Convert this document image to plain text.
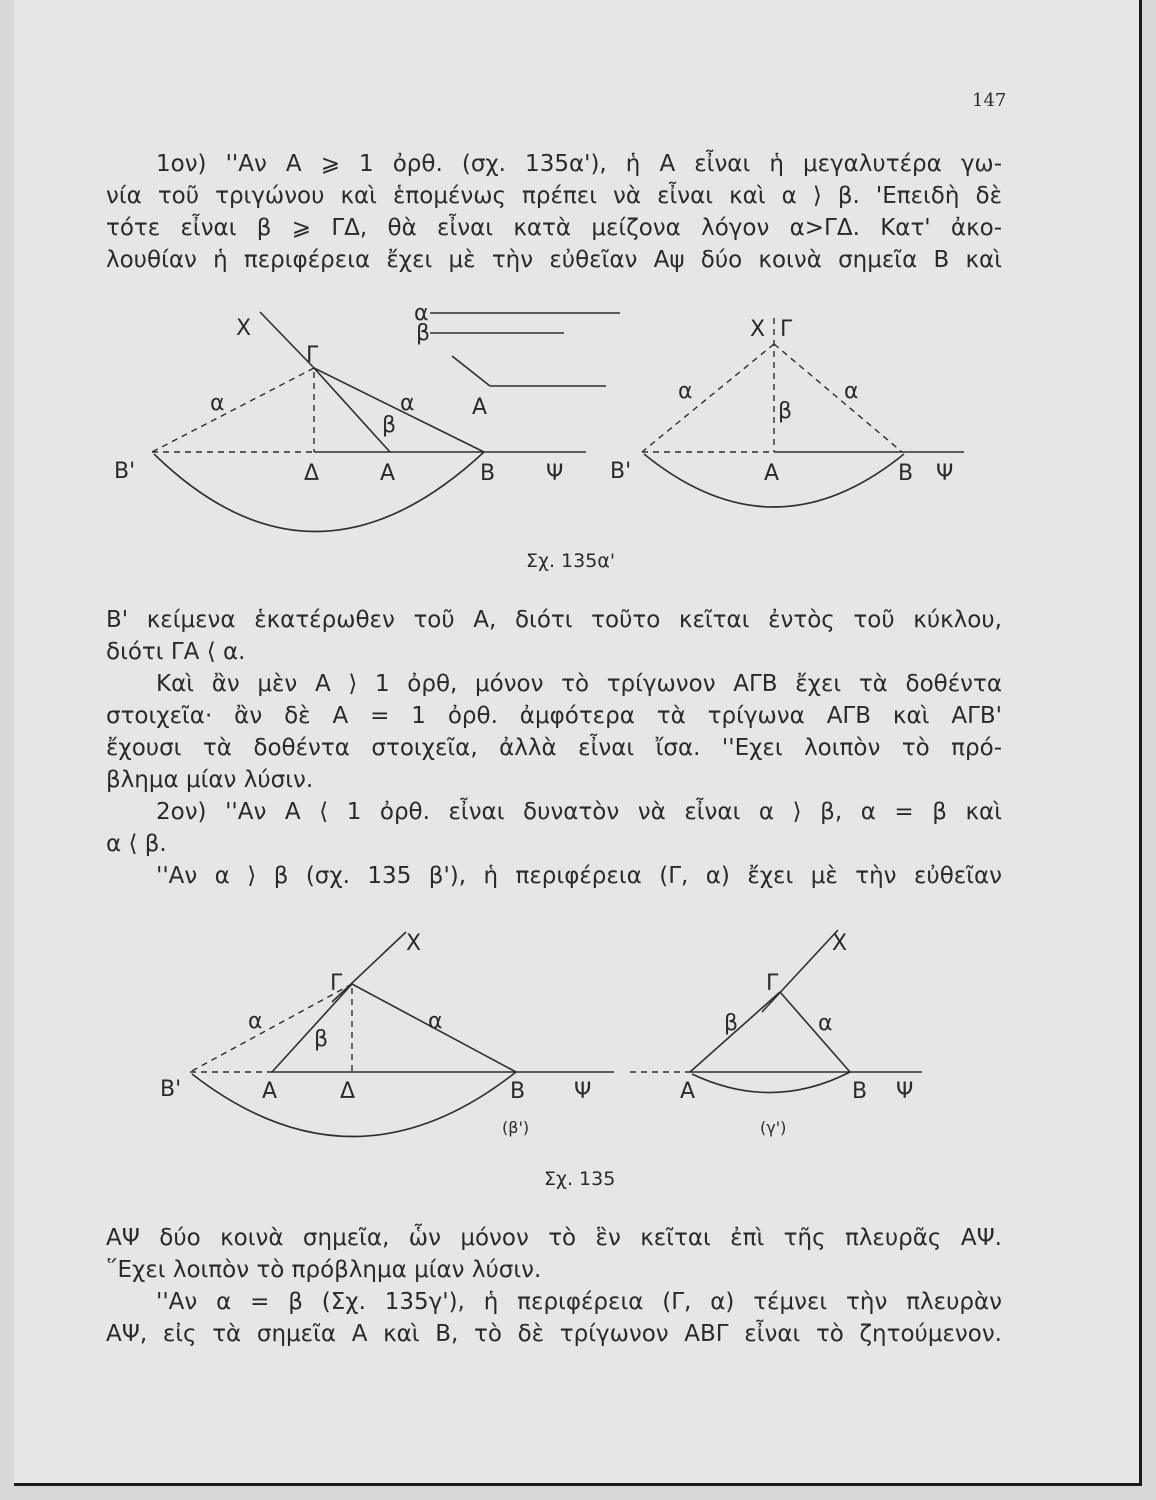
147
1ον) ''Αν Α ⩾ 1 ὀρθ. (σχ. 135α'), ἡ Α εἶναι ἡ μεγαλυτέρα γω-
νία τοῦ τριγώνου καὶ ἑπομένως πρέπει νὰ εἶναι καὶ α ⟩ β. 'Επειδὴ δὲ
τότε εἶναι β ⩾ ΓΔ, θὰ εἶναι κατὰ μείζονα λόγον α>ΓΔ. Κατ' ἀκο-
λουθίαν ἡ περιφέρεια ἔχει μὲ τὴν εὐθεῖαν Αψ δύο κοινὰ σημεῖα Β καὶ
X
Γ
α	α
β
B'	Δ	A	B Ψ
α
β
A
X Γ
α	α
β
B'	A	B Ψ
Σχ. 135α'
Β' κείμενα ἑκατέρωθεν τοῦ Α, διότι τοῦτο κεῖται ἐντὸς τοῦ κύκλου,
διότι ΓΑ ⟨ α.
Καὶ ἂν μὲν Α ⟩ 1 ὀρθ, μόνον τὸ τρίγωνον ΑΓΒ ἔχει τὰ δοθέντα
στοιχεῖα· ἂν δὲ Α = 1 ὀρθ. ἀμφότερα τὰ τρίγωνα ΑΓΒ καὶ ΑΓΒ'
ἔχουσι τὰ δοθέντα στοιχεῖα, ἀλλὰ εἶναι ἴσα. ''Εχει λοιπὸν τὸ πρό-
βλημα μίαν λύσιν.
2ον) ''Αν Α ⟨ 1 ὀρθ. εἶναι δυνατὸν νὰ εἶναι α ⟩ β, α = β καὶ
α ⟨ β.
''Αν α ⟩ β (σχ. 135 β'), ἡ περιφέρεια (Γ, α) ἔχει μὲ τὴν εὐθεῖαν
X
Γ
α	α
β
B'	A	Δ	B Ψ
X
Γ
β	α
A	B Ψ
(β')	(γ')
Σχ. 135
ΑΨ δύο κοινὰ σημεῖα, ὧν μόνον τὸ ἓν κεῖται ἐπὶ τῆς πλευρᾶς ΑΨ.
῞Εχει λοιπὸν τὸ πρόβλημα μίαν λύσιν.
''Αν α = β (Σχ. 135γ'), ἡ περιφέρεια (Γ, α) τέμνει τὴν πλευρὰν
ΑΨ, εἰς τὰ σημεῖα Α καὶ Β, τὸ δὲ τρίγωνον ΑΒΓ εἶναι τὸ ζητούμενον.
